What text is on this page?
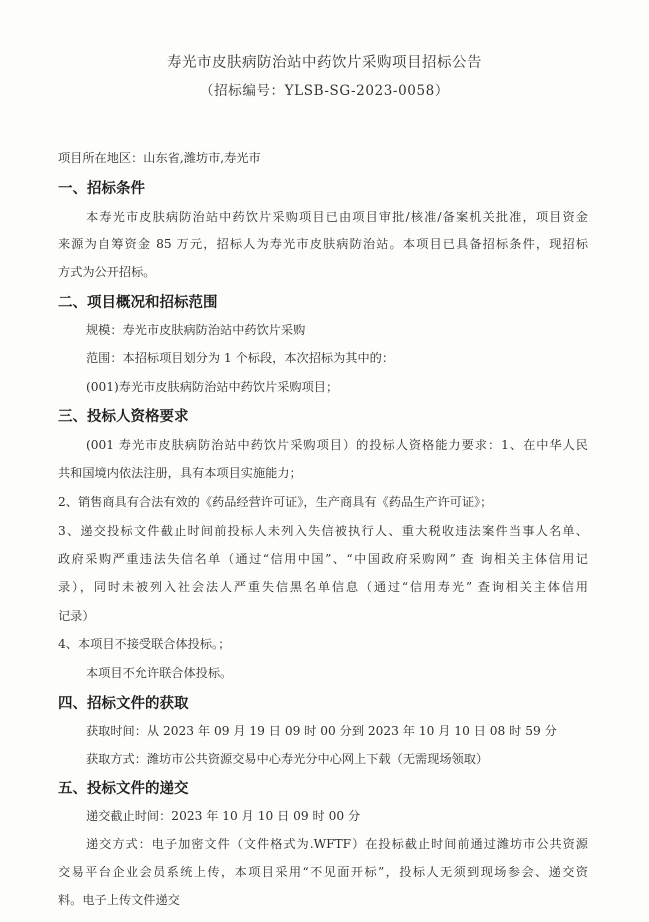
寿光市皮肤病防治站中药饮片采购项目招标公告
（招标编号：YLSB-SG-2023-0058）
项目所在地区：山东省,潍坊市,寿光市
一、招标条件
本寿光市皮肤病防治站中药饮片采购项目已由项目审批/核准/备案机关批准，项目资金
来源为自筹资金 85 万元，招标人为寿光市皮肤病防治站。本项目已具备招标条件，现招标
方式为公开招标。
二、项目概况和招标范围
规模：寿光市皮肤病防治站中药饮片采购
范围：本招标项目划分为 1 个标段，本次招标为其中的：
(001)寿光市皮肤病防治站中药饮片采购项目；
三、投标人资格要求
(001 寿光市皮肤病防治站中药饮片采购项目）的投标人资格能力要求：1、在中华人民
共和国境内依法注册，具有本项目实施能力；
2、销售商具有合法有效的《药品经营许可证》，生产商具有《药品生产许可证》；
3、递交投标文件截止时间前投标人未列入失信被执行人、重大税收违法案件当事人名单、
政府采购严重违法失信名单（通过“信用中国”、“中国政府采购网” 查 询相关主体信用记
录），同时未被列入社会法人严重失信黑名单信息（通过“信用寿光” 查询相关主体信用
记录）
4、本项目不接受联合体投标。；
本项目不允许联合体投标。
四、招标文件的获取
获取时间：从 2023 年 09 月 19 日 09 时 00 分到 2023 年 10 月 10 日 08 时 59 分
获取方式：潍坊市公共资源交易中心寿光分中心网上下载（无需现场领取）
五、投标文件的递交
递交截止时间：2023 年 10 月 10 日 09 时 00 分
递交方式：电子加密文件（文件格式为.WFTF）在投标截止时间前通过潍坊市公共资源
交易平台企业会员系统上传，本项目采用“不见面开标”，投标人无须到现场参会、递交资
料。电子上传文件递交
